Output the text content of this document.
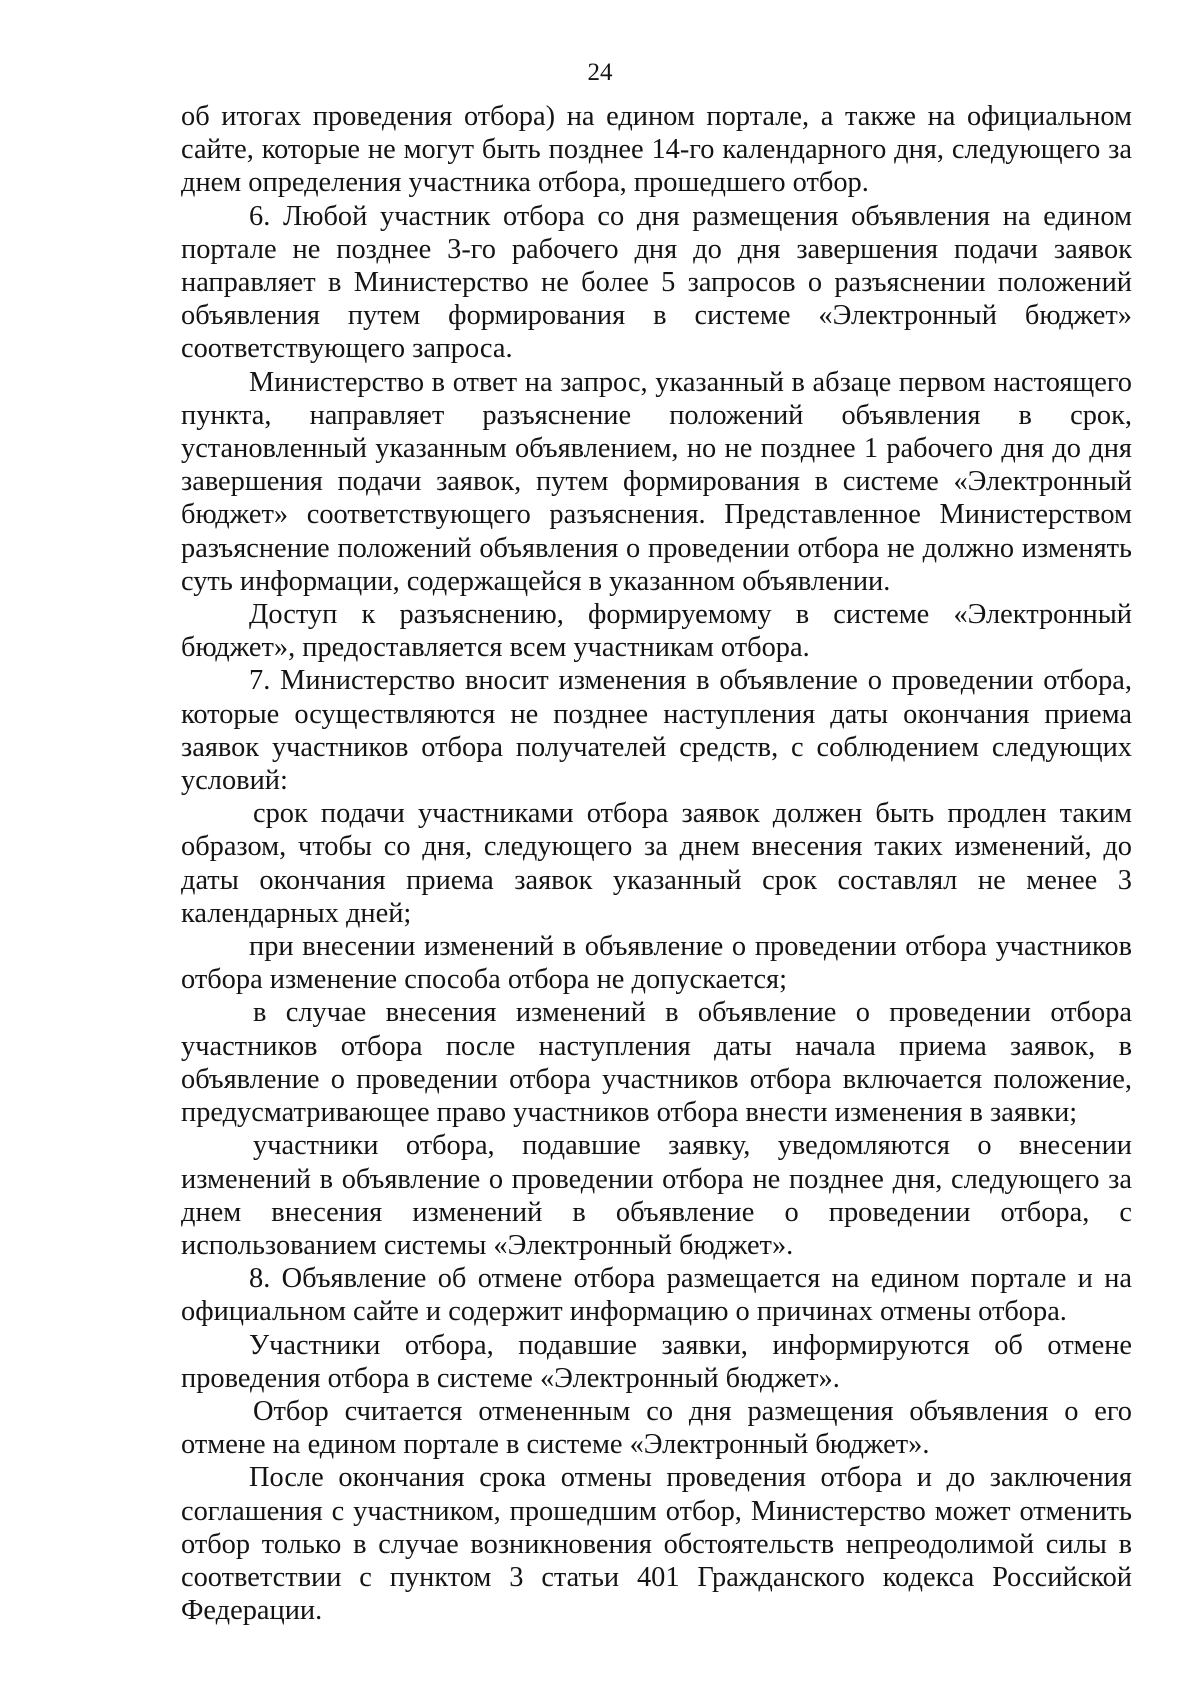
24

об итогах проведения отбора) на едином портале, а также на официальном сайте, которые не могут быть позднее 14-го календарного дня, следующего за днем определения участника отбора, прошедшего отбор.

6. Любой участник отбора со дня размещения объявления на едином портале не позднее 3-го рабочего дня до дня завершения подачи заявок направляет в Министерство не более 5 запросов о разъяснении положений объявления путем формирования в системе «Электронный бюджет» соответствующего запроса.

Министерство в ответ на запрос, указанный в абзаце первом настоящего пункта, направляет разъяснение положений объявления в срок, установленный указанным объявлением, но не позднее 1 рабочего дня до дня завершения подачи заявок, путем формирования в системе «Электронный бюджет» соответствующего разъяснения. Представленное Министерством разъяснение положений объявления о проведении отбора не должно изменять суть информации, содержащейся в указанном объявлении.

Доступ к разъяснению, формируемому в системе «Электронный бюджет», предоставляется всем участникам отбора.

7. Министерство вносит изменения в объявление о проведении отбора, которые осуществляются не позднее наступления даты окончания приема заявок участников отбора получателей средств, с соблюдением следующих условий:

срок подачи участниками отбора заявок должен быть продлен таким образом, чтобы со дня, следующего за днем внесения таких изменений, до даты окончания приема заявок указанный срок составлял не менее 3 календарных дней;

при внесении изменений в объявление о проведении отбора участников отбора изменение способа отбора не допускается;

в случае внесения изменений в объявление о проведении отбора участников отбора после наступления даты начала приема заявок, в объявление о проведении отбора участников отбора включается положение, предусматривающее право участников отбора внести изменения в заявки;

участники отбора, подавшие заявку, уведомляются о внесении изменений в объявление о проведении отбора не позднее дня, следующего за днем внесения изменений в объявление о проведении отбора, с использованием системы «Электронный бюджет».

8. Объявление об отмене отбора размещается на едином портале и на официальном сайте и содержит информацию о причинах отмены отбора.

Участники отбора, подавшие заявки, информируются об отмене проведения отбора в системе «Электронный бюджет».

Отбор считается отмененным со дня размещения объявления о его отмене на едином портале в системе «Электронный бюджет».

После окончания срока отмены проведения отбора и до заключения соглашения с участником, прошедшим отбор, Министерство может отменить отбор только в случае возникновения обстоятельств непреодолимой силы в соответствии с пунктом 3 статьи 401 Гражданского кодекса Российской Федерации.
